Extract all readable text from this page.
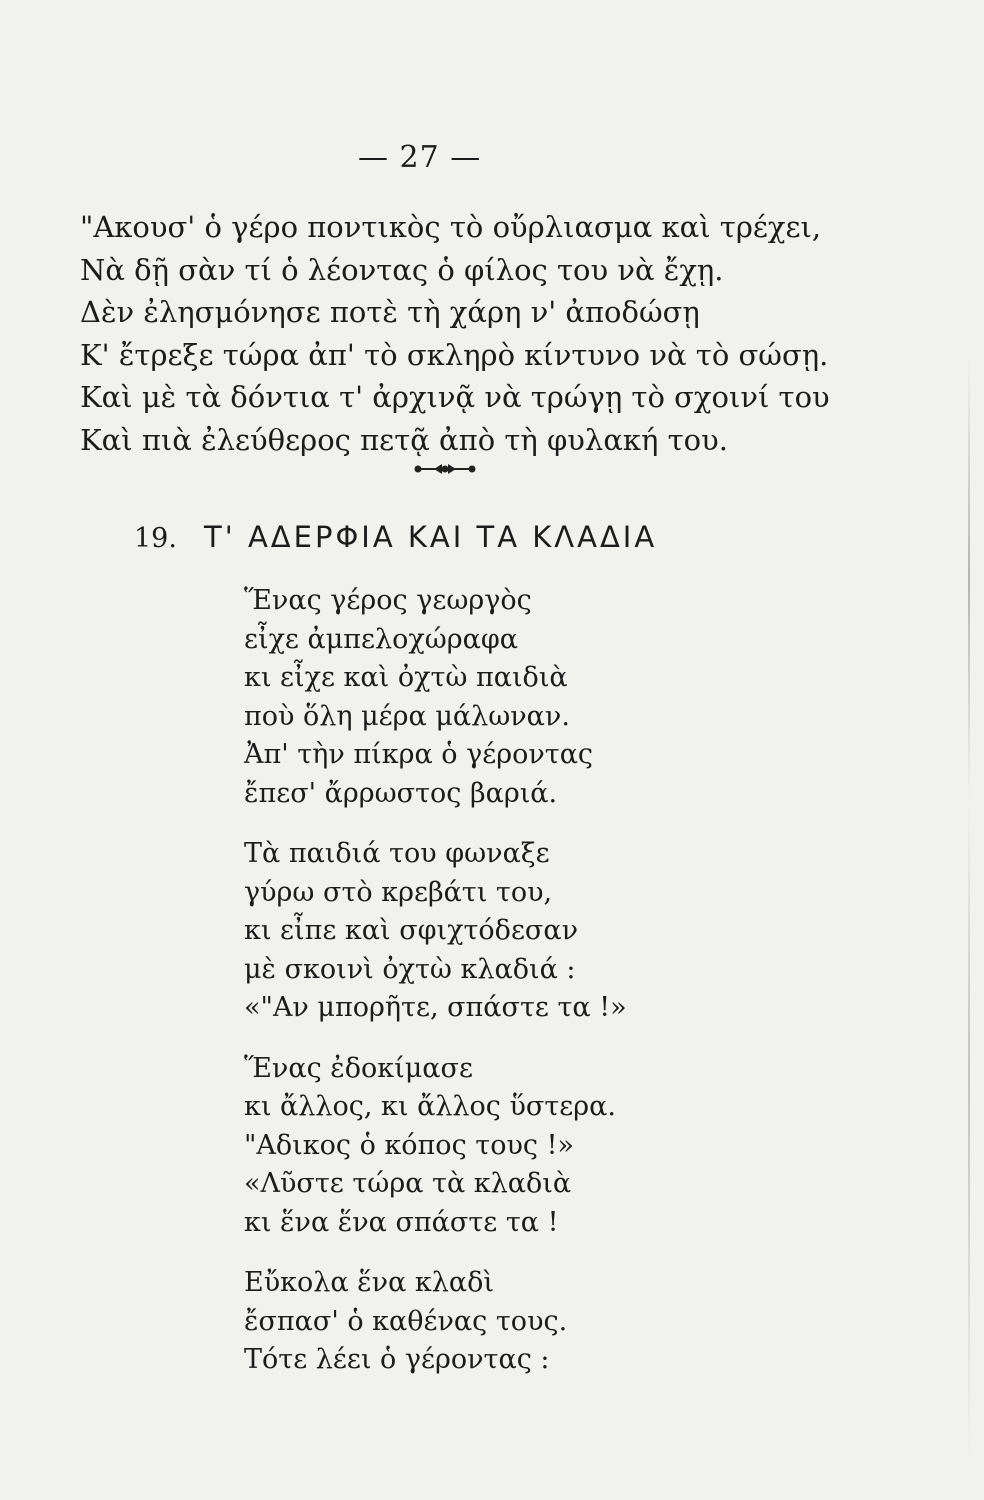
— 27 —
"Ακουσ' ὁ γέρο ποντικὸς τὸ οὔρλιασμα καὶ τρέχει,
Νὰ δῇ σὰν τί ὁ λέοντας ὁ φίλος του νὰ ἔχῃ.
Δὲν ἐλησμόνησε ποτὲ τὴ χάρη ν' ἀποδώσῃ
Κ' ἔτρεξε τώρα ἀπ' τὸ σκληρὸ κίντυνο νὰ τὸ σώσῃ.
Καὶ μὲ τὰ δόντια τ' ἀρχινᾷ νὰ τρώγῃ τὸ σχοινί του
Καὶ πιὰ ἐλεύθερος πετᾷ ἀπὸ τὴ φυλακή του.
19. Τ' ΑΔΕΡΦΙΑ ΚΑΙ ΤΑ ΚΛΑΔΙΑ
Ἕνας γέρος γεωργὸς
εἶχε ἀμπελοχώραφα
κι εἶχε καὶ ὀχτὼ παιδιὰ
ποὺ ὅλη μέρα μάλωναν.
Ἀπ' τὴν πίκρα ὁ γέροντας
ἔπεσ' ἄρρωστος βαριά.
Τὰ παιδιά του φωναξε
γύρω στὸ κρεβάτι του,
κι εἶπε καὶ σφιχτόδεσαν
μὲ σκοινὶ ὀχτὼ κλαδιά :
«"Αν μπορῆτε, σπάστε τα !»
Ἕνας ἐδοκίμασε
κι ἄλλος, κι ἄλλος ὕστερα.
"Αδικος ὁ κόπος τους !»
«Λῦστε τώρα τὰ κλαδιὰ
κι ἕνα ἕνα σπάστε τα !
Εὔκολα ἕνα κλαδὶ
ἔσπασ' ὁ καθένας τους.
Τότε λέει ὁ γέροντας :
